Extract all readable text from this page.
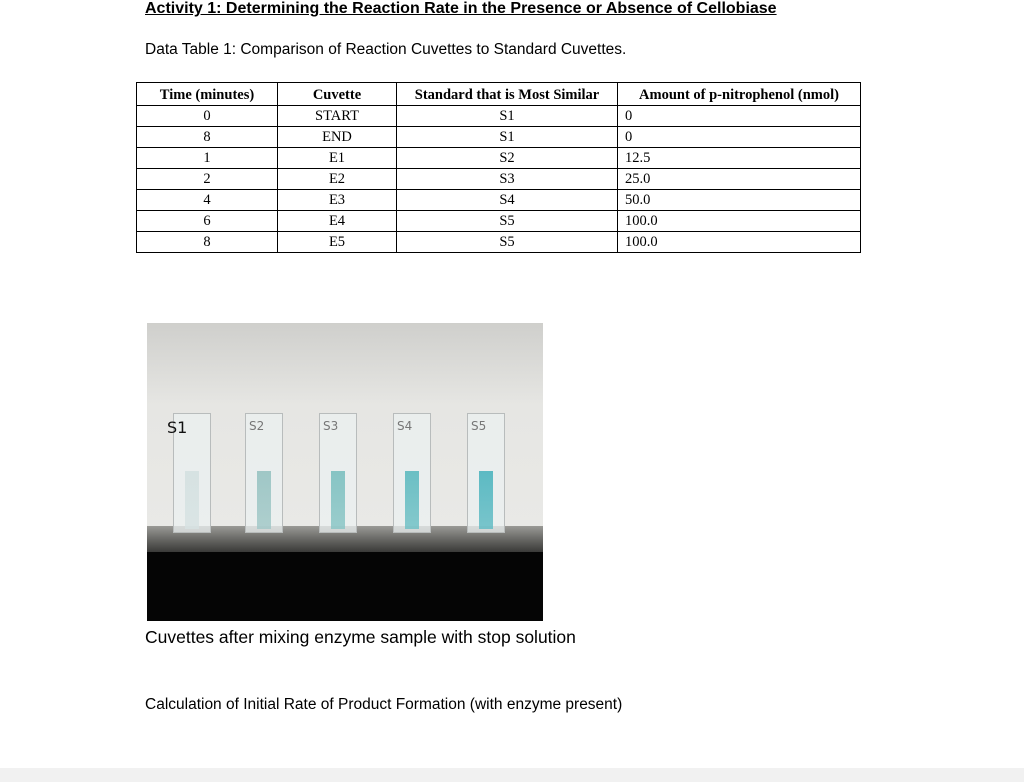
Activity 1: Determining the Reaction Rate in the Presence or Absence of Cellobiase
Data Table 1: Comparison of Reaction Cuvettes to Standard Cuvettes.
Time (minutes)	Cuvette	Standard that is Most Similar	Amount of p-nitrophenol (nmol)
0	START	S1	0
8	END	S1	0
1	E1	S2	12.5
2	E2	S3	25.0
4	E3	S4	50.0
6	E4	S5	100.0
8	E5	S5	100.0
S1	S2	S3	S4	S5
Cuvettes after mixing enzyme sample with stop solution
Calculation of Initial Rate of Product Formation (with enzyme present)
